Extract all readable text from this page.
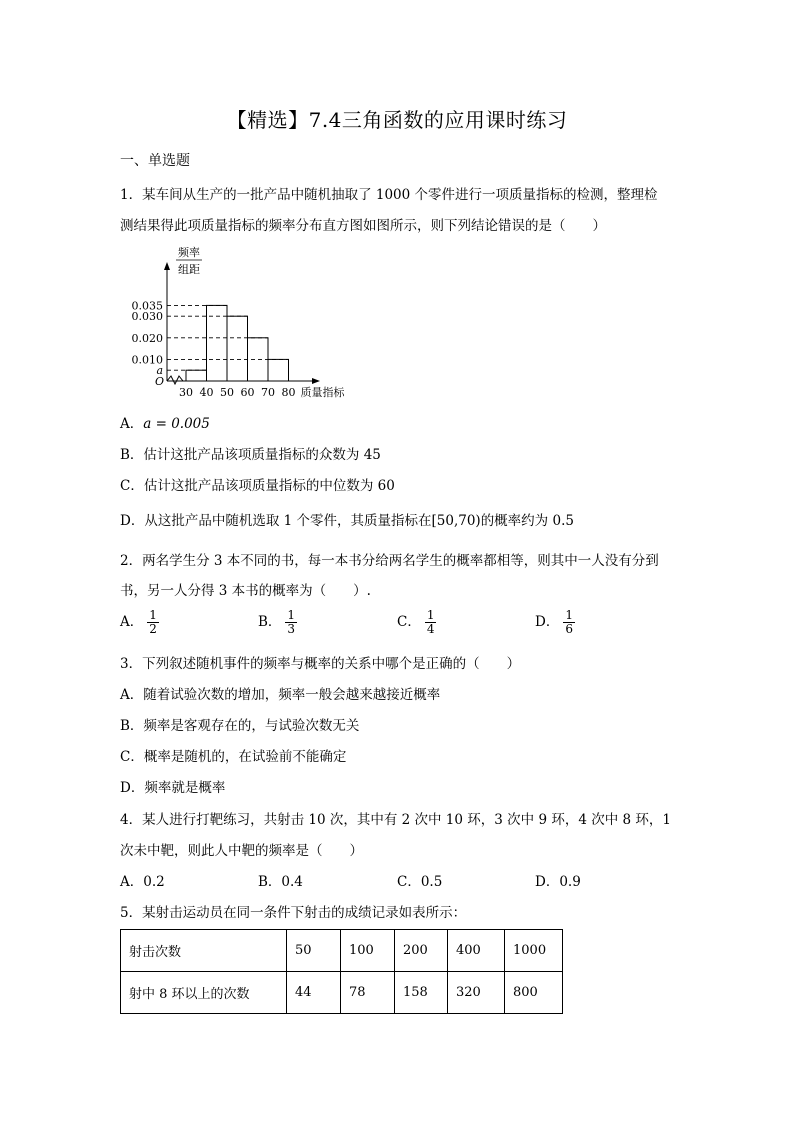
【精选】7.4三角函数的应用课时练习
一、单选题
1．某车间从生产的一批产品中随机抽取了 1000 个零件进行一项质量指标的检测，整理检
测结果得此项质量指标的频率分布直方图如图所示，则下列结论错误的是（　　）
频率
组距
O
a
0.010
0.020
0.030
0.035
30 40 50 60 70 80 质量指标
A．a = 0.005
B．估计这批产品该项质量指标的众数为 45
C．估计这批产品该项质量指标的中位数为 60
D．从这批产品中随机选取 1 个零件，其质量指标在[50,70)的概率约为 0.5
2．两名学生分 3 本不同的书，每一本书分给两名学生的概率都相等，则其中一人没有分到
书，另一人分得 3 本书的概率为（　　）.
A． $\frac{1}{2}$	B． $\frac{1}{3}$	C． $\frac{1}{4}$	D． $\frac{1}{6}$
3．下列叙述随机事件的频率与概率的关系中哪个是正确的（　　）
A．随着试验次数的增加，频率一般会越来越接近概率
B．频率是客观存在的，与试验次数无关
C．概率是随机的，在试验前不能确定
D．频率就是概率
4．某人进行打靶练习，共射击 10 次，其中有 2 次中 10 环，3 次中 9 环，4 次中 8 环，1
次未中靶，则此人中靶的频率是（　　）
A．0.2	B．0.4	C．0.5	D．0.9
5．某射击运动员在同一条件下射击的成绩记录如表所示：
射击次数	50	100	200	400	1000
射中 8 环以上的次数	44	78	158	320	800
